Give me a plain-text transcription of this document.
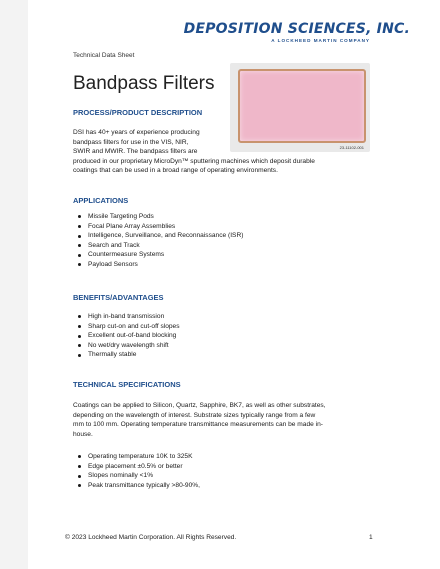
DEPOSITION SCIENCES, INC.
A LOCKHEED MARTIN COMPANY
Technical Data Sheet
Bandpass Filters
23-11102-001
PROCESS/PRODUCT DESCRIPTION
DSI has 40+ years of experience producing
bandpass filters for use in the VIS, NIR,
SWIR and MWIR. The bandpass filters are
produced in our proprietary MicroDyn™ sputtering machines which deposit durable
coatings that can be used in a broad range of operating environments.
APPLICATIONS
Missile Targeting Pods
Focal Plane Array Assemblies
Intelligence, Surveillance, and Reconnaissance (ISR)
Search and Track
Countermeasure Systems
Payload Sensors
BENEFITS/ADVANTAGES
High in-band transmission
Sharp cut-on and cut-off slopes
Excellent out-of-band blocking
No wet/dry wavelength shift
Thermally stable
TECHNICAL SPECIFICATIONS
Coatings can be applied to Silicon, Quartz, Sapphire, BK7, as well as other substrates,
depending on the wavelength of interest. Substrate sizes typically range from a few
mm to 100 mm. Operating temperature transmittance measurements can be made in-
house.
Operating temperature 10K to 325K
Edge placement ±0.5% or better
Slopes nominally <1%
Peak transmittance typically >80-90%,
© 2023 Lockheed Martin Corporation. All Rights Reserved.	1
